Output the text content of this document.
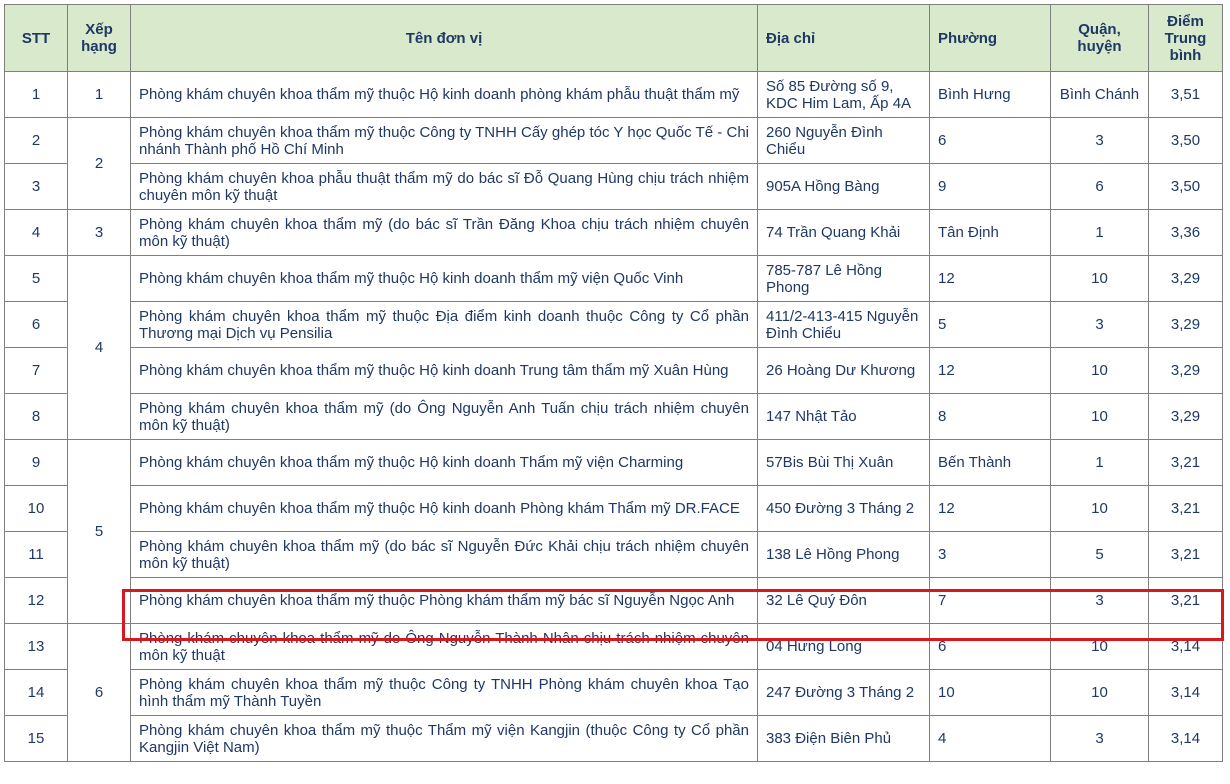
STT	Xếp hạng	Tên đơn vị	Địa chỉ	Phường	Quận, huyện	Điểm Trung bình
1	1	Phòng khám chuyên khoa thẩm mỹ thuộc Hộ kinh doanh phòng khám phẫu thuật thẩm mỹ	Số 85 Đường số 9, KDC Him Lam, Ấp 4A	Bình Hưng	Bình Chánh	3,51
2	2	Phòng khám chuyên khoa thẩm mỹ thuộc Công ty TNHH Cấy ghép tóc Y học Quốc Tế - Chi nhánh Thành phố Hồ Chí Minh	260 Nguyễn Đình Chiểu	6	3	3,50
3		Phòng khám chuyên khoa phẫu thuật thẩm mỹ do bác sĩ Đỗ Quang Hùng chịu trách nhiệm chuyên môn kỹ thuật	905A Hồng Bàng	9	6	3,50
4	3	Phòng khám chuyên khoa thẩm mỹ (do bác sĩ Trần Đăng Khoa chịu trách nhiệm chuyên môn kỹ thuật)	74 Trần Quang Khải	Tân Định	1	3,36
5	4	Phòng khám chuyên khoa thẩm mỹ thuộc Hộ kinh doanh thẩm mỹ viện Quốc Vinh	785-787 Lê Hồng Phong	12	10	3,29
6		Phòng khám chuyên khoa thẩm mỹ thuộc Địa điểm kinh doanh thuộc Công ty Cổ phần Thương mại Dịch vụ Pensilia	411/2-413-415 Nguyễn Đình Chiểu	5	3	3,29
7		Phòng khám chuyên khoa thẩm mỹ thuộc Hộ kinh doanh Trung tâm thẩm mỹ Xuân Hùng	26 Hoàng Dư Khương	12	10	3,29
8		Phòng khám chuyên khoa thẩm mỹ (do Ông Nguyễn Anh Tuấn chịu trách nhiệm chuyên môn kỹ thuật)	147 Nhật Tảo	8	10	3,29
9	5	Phòng khám chuyên khoa thẩm mỹ thuộc Hộ kinh doanh Thẩm mỹ viện Charming	57Bis Bùi Thị Xuân	Bến Thành	1	3,21
10		Phòng khám chuyên khoa thẩm mỹ thuộc Hộ kinh doanh Phòng khám Thẩm mỹ DR.FACE	450 Đường 3 Tháng 2	12	10	3,21
11		Phòng khám chuyên khoa thẩm mỹ (do bác sĩ Nguyễn Đức Khải chịu trách nhiệm chuyên môn kỹ thuật)	138 Lê Hồng Phong	3	5	3,21
12		Phòng khám chuyên khoa thẩm mỹ thuộc Phòng khám thẩm mỹ bác sĩ Nguyễn Ngọc Anh	32 Lê Quý Đôn	7	3	3,21
13	6	Phòng khám chuyên khoa thẩm mỹ do Ông Nguyễn Thành Nhân chịu trách nhiệm chuyên môn kỹ thuật	04 Hưng Long	6	10	3,14
14		Phòng khám chuyên khoa thẩm mỹ thuộc Công ty TNHH Phòng khám chuyên khoa Tạo hình thẩm mỹ Thành Tuyền	247 Đường 3 Tháng 2	10	10	3,14
15		Phòng khám chuyên khoa thẩm mỹ thuộc Thẩm mỹ viện Kangjin (thuộc Công ty Cổ phần Kangjin Việt Nam)	383 Điện Biên Phủ	4	3	3,14
